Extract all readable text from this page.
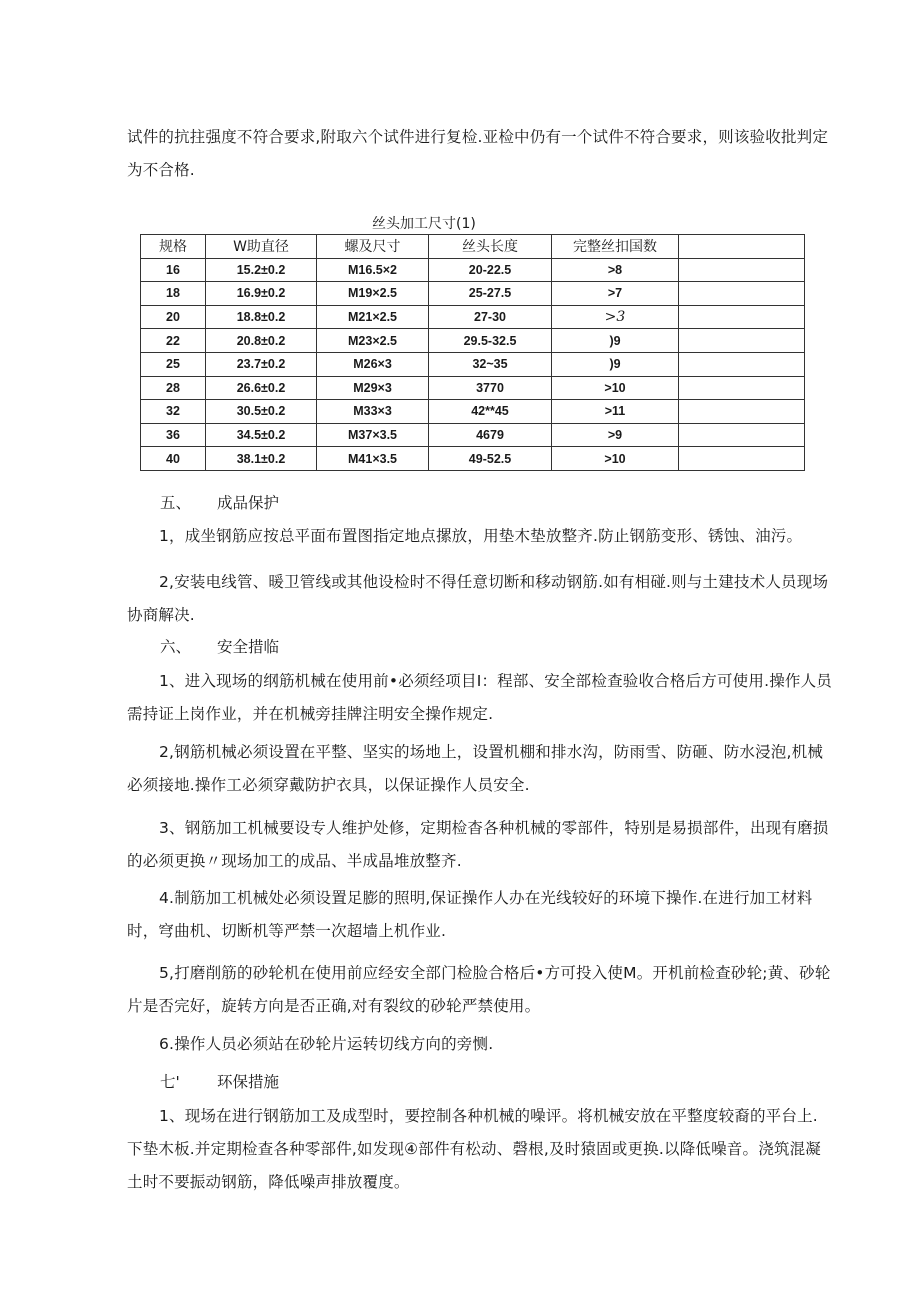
试件的抗拄强度不符合要求,附取六个试件进行复检.亚检中仍有一个试件不符合要求，则该验收批判定为不合格.

丝头加工尺寸(1)
规格	W助直径	螺及尺寸	丝头长度	完整丝扣国数	
16	15.2±0.2	M16.5×2	20-22.5	>8	
18	16.9±0.2	M19×2.5	25-27.5	>7	
20	18.8±0.2	M21×2.5	27-30	>3	
22	20.8±0.2	M23×2.5	29.5-32.5	)9	
25	23.7±0.2	M26×3	32~35	)9	
28	26.6±0.2	M29×3	3770	>10	
32	30.5±0.2	M33×3	42**45	>11	
36	34.5±0.2	M37×3.5	4679	>9	
40	38.1±0.2	M41×3.5	49-52.5	>10	
五、 成品保护

1，成坐钢筋应按总平面布置图指定地点摞放，用垫木垫放整齐.防止钢筋变形、锈蚀、油污。

2,安装电线管、暖卫管线或其他设检时不得任意切断和移动钢筋.如有相碰.则与土建技术人员现场协商解决.

六、 安全措临

1、进入现场的纲筋机械在使用前•必须经项目I：程部、安全部检查验收合格后方可使用.操作人员需持证上岗作业，并在机械旁挂牌注明安全操作规定.

2,钢筋机械必须设置在平整、坚实的场地上，设置机棚和排水沟，防雨雪、防砸、防水浸泡,机械必须接地.操作工必须穿戴防护衣具，以保证操作人员安全.

3、钢筋加工机械要设专人维护处修，定期检杳各种机械的零部件，特别是易损部件，出现有磨损的必须更换〃现场加工的成品、半成晶堆放整齐.

4.制筋加工机械处必须设置足膨的照明,保证操作人办在光线较好的环境下操作.在进行加工材料时，穹曲机、切断机等严禁一次超墙上机作业.

5,打磨削筋的砂轮机在使用前应经安全部门检脸合格后•方可投入使M。开机前检查砂轮;黄、砂轮片是否完好，旋转方向是否正确,对有裂纹的砂轮严禁使用。

6.操作人员必须站在砂轮片运转切线方向的旁恻.

七' 环保措施

1、现场在进行钢筋加工及成型时，要控制各种机械的噪评。将机械安放在平整度较裔的平台上.下垫木板.并定期检查各种零部件,如发现④部件有松动、磬根,及时猿固或更换.以降低噪音。浇筑混凝土时不要振动钢筋，降低噪声排放覆度。
